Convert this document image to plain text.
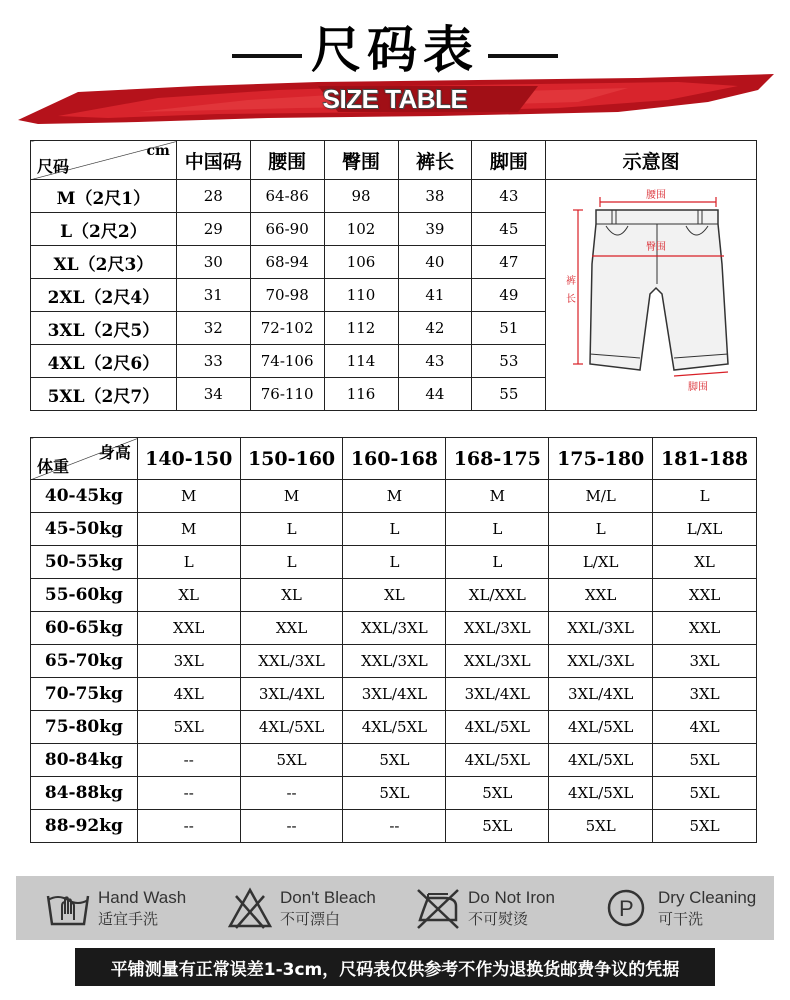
尺码表
SIZE TABLE
cm
尺码	中国码	腰围	臀围	裤长	脚围	示意图
M（2尺1）	28	64-86	98	38	43	腰围
臀围
裤
长
脚围

L（2尺2）	29	66-90	102	39	45	
XL（2尺3）	30	68-94	106	40	47	
2XL（2尺4）	31	70-98	110	41	49	
3XL（2尺5）	32	72-102	112	42	51	
4XL（2尺6）	33	74-106	114	43	53	
5XL（2尺7）	34	76-110	116	44	55	
身高
体重	140-150	150-160	160-168	168-175	175-180	181-188
40-45kg	M	M	M	M	M/L	L
45-50kg	M	L	L	L	L	L/XL
50-55kg	L	L	L	L	L/XL	XL
55-60kg	XL	XL	XL	XL/XXL	XXL	XXL
60-65kg	XXL	XXL	XXL/3XL	XXL/3XL	XXL/3XL	XXL
65-70kg	3XL	XXL/3XL	XXL/3XL	XXL/3XL	XXL/3XL	3XL
70-75kg	4XL	3XL/4XL	3XL/4XL	3XL/4XL	3XL/4XL	3XL
75-80kg	5XL	4XL/5XL	4XL/5XL	4XL/5XL	4XL/5XL	4XL
80-84kg	--	5XL	5XL	4XL/5XL	4XL/5XL	5XL
84-88kg	--	--	5XL	5XL	4XL/5XL	5XL
88-92kg	--	--	--	5XL	5XL	5XL
Hand Wash
适宜手洗
Don't Bleach
不可漂白
Do Not Iron
不可熨烫	P Dry Cleaning
可干洗
平铺测量有正常误差1-3cm，尺码表仅供参考不作为退换货邮费争议的凭据
